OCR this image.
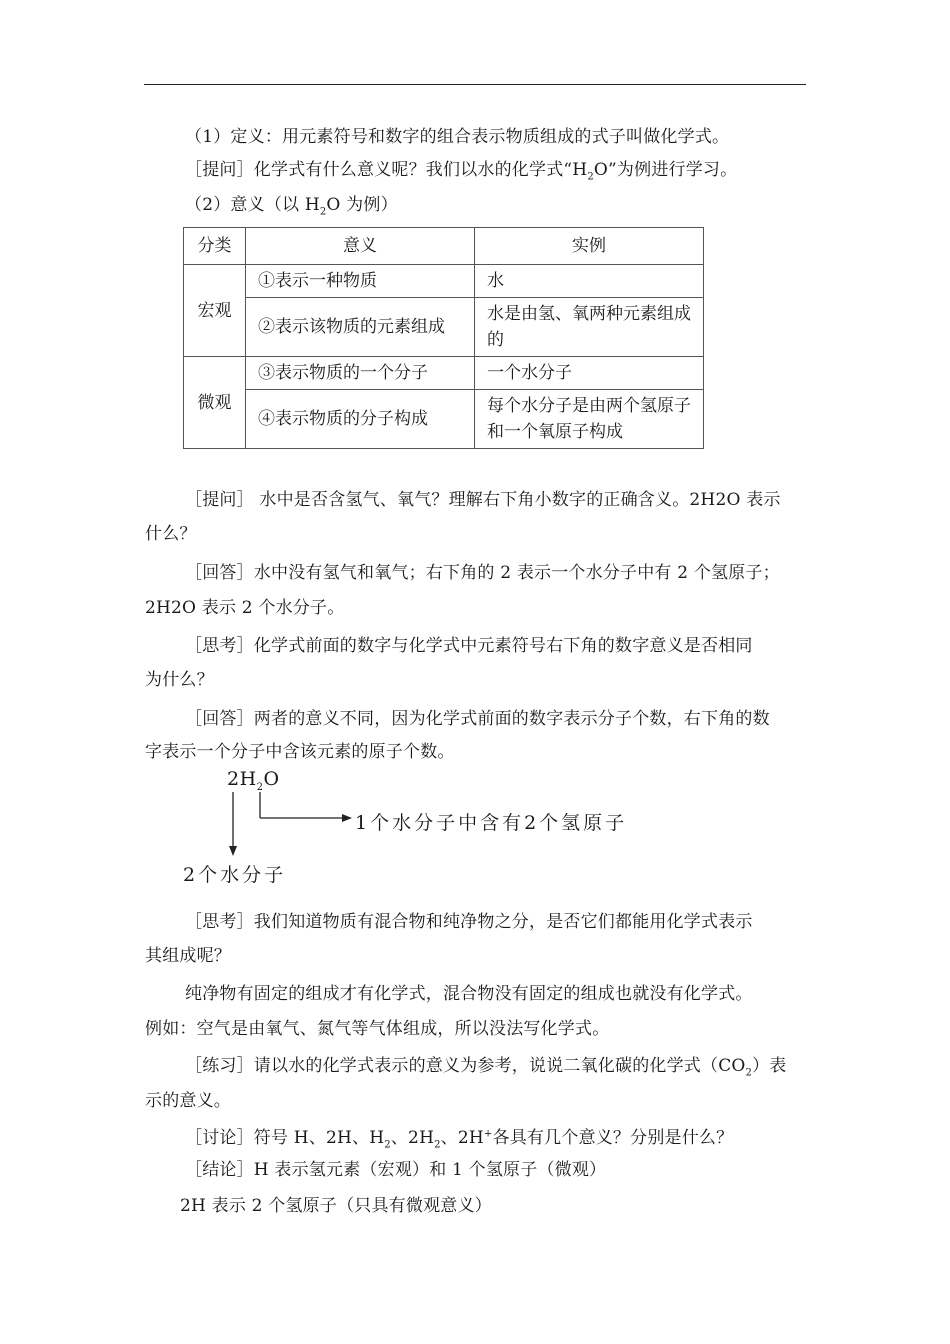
（1）定义：用元素符号和数字的组合表示物质组成的式子叫做化学式。
［提问］化学式有什么意义呢？我们以水的化学式“$H_2O$”为例进行学习。
（2）意义（以 $H_2O$ 为例）
分类	意义	实例
宏观	①表示一种物质	水
	②表示该物质的元素组成	水是由氢、氧两种元素组成的
微观	③表示物质的一个分子	一个水分子
	④表示物质的分子构成	每个水分子是由两个氢原子和一个氧原子构成
［提问］ 水中是否含氢气、氧气？理解右下角小数字的正确含义。2H2O 表示
什么？
［回答］水中没有氢气和氧气；右下角的 2 表示一个水分子中有 2 个氢原子；
2H2O 表示 2 个水分子。
［思考］化学式前面的数字与化学式中元素符号右下角的数字意义是否相同
为什么？
［回答］两者的意义不同，因为化学式前面的数字表示分子个数，右下角的数
字表示一个分子中含该元素的原子个数。
$2H_2O$
1个水分子中含有2个氢原子
2个水分子
［思考］我们知道物质有混合物和纯净物之分，是否它们都能用化学式表示
其组成呢？
纯净物有固定的组成才有化学式，混合物没有固定的组成也就没有化学式。
例如：空气是由氧气、氮气等气体组成，所以没法写化学式。
［练习］请以水的化学式表示的意义为参考，说说二氧化碳的化学式$(CO_2)$表
示的意义。
［讨论］符号 H、2H、$H_2$、$2H_2$、2H+各具有几个意义？分别是什么？
［结论］H 表示氢元素（宏观）和 1 个氢原子（微观）
2H 表示 2 个氢原子（只具有微观意义）
